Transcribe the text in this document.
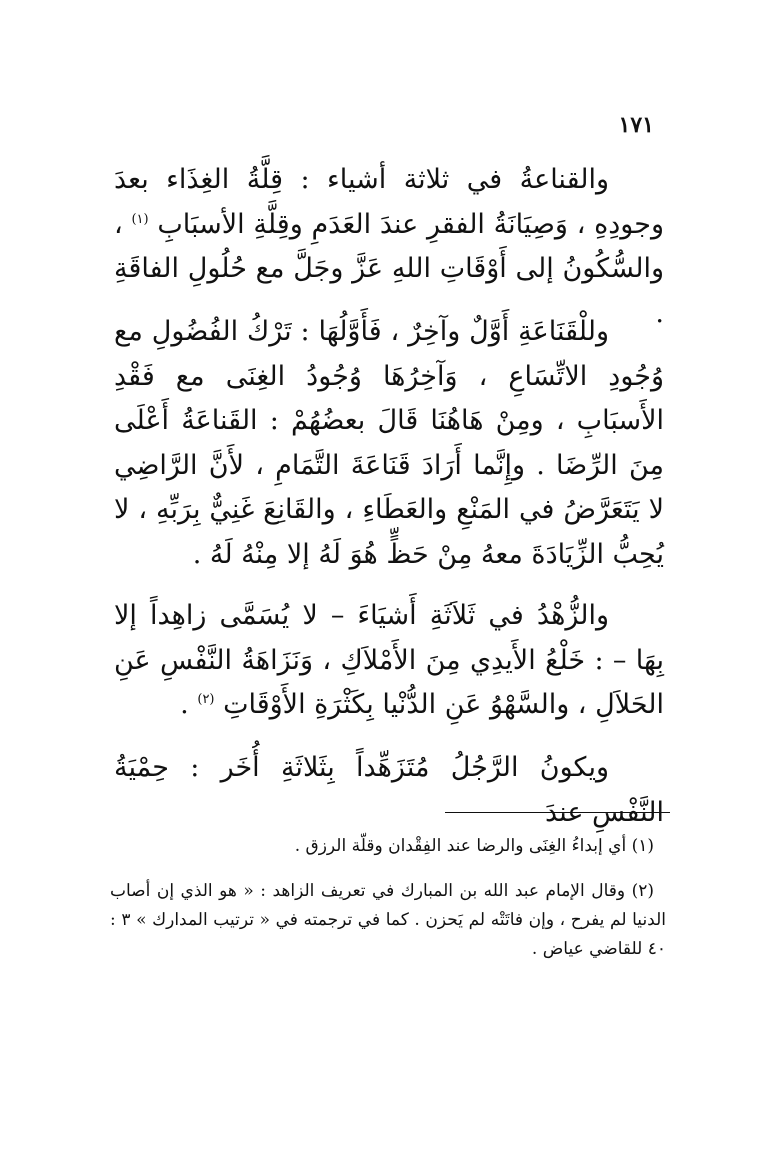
١٧١
والقناعةُ في ثلاثة أشياء : قِلَّةُ الغِذَاء بعدَ وجودِهِ ، وَصِيَانَةُ الفقرِ عندَ العَدَمِ وقِلَّةِ الأسبَابِ $^{(١)}$ ، والسُّكُونُ إلى أَوْقَاتِ اللهِ عَزَّ وجَلَّ مع حُلُولِ الفاقَةِ .
وللْقَنَاعَةِ أَوَّلٌ وآخِرٌ ، فَأَوَّلُهَا : تَرْكُ الفُضُولِ مع وُجُودِ الاتِّسَاعِ ، وَآخِرُهَا وُجُودُ الغِنَى مع فَقْدِ الأَسبَابِ ، ومِنْ هَاهُنَا قَالَ بعضُهُمْ : القَناعَةُ أَعْلَى مِنَ الرِّضَا . وإِنَّما أَرَادَ قَنَاعَةَ التَّمَامِ ، لأَنَّ الرَّاضِي لا يَتَعَرَّضُ في المَنْعِ والعَطَاءِ ، والقَانِعَ غَنِيٌّ بِرَبِّهِ ، لا يُحِبُّ الزِّيَادَةَ معهُ مِنْ حَظٍّ هُوَ لَهُ إلا مِنْهُ لَهُ .
والزُّهْدُ في ثَلاَثَةِ أَشيَاءَ – لا يُسَمَّى زاهِداً إلا بِهَا – : خَلْعُ الأَيدِي مِنَ الأَمْلاَكِ ، وَنَزَاهَةُ النَّفْسِ عَنِ الحَلاَلِ ، والسَّهْوُ عَنِ الدُّنْيا بِكَثْرَةِ الأَوْقَاتِ $^{(٢)}$ .
ويكونُ الرَّجُلُ مُتَزَهِّداً بِثَلاثَةِ أُخَر : حِمْيَةُ النَّفْسِ عندَ
(١) أي إبداءُ الغِنَى والرضا عند الفِقْدان وقلّة الرزق .
(٢) وقال الإمام عبد الله بن المبارك في تعريف الزاهد : « هو الذي إن أصاب الدنيا لم يفرح ، وإن فاتَتْه لم يَحزن . كما في ترجمته في « ترتيب المدارك » ٣ : ٤٠ للقاضي عياض .
